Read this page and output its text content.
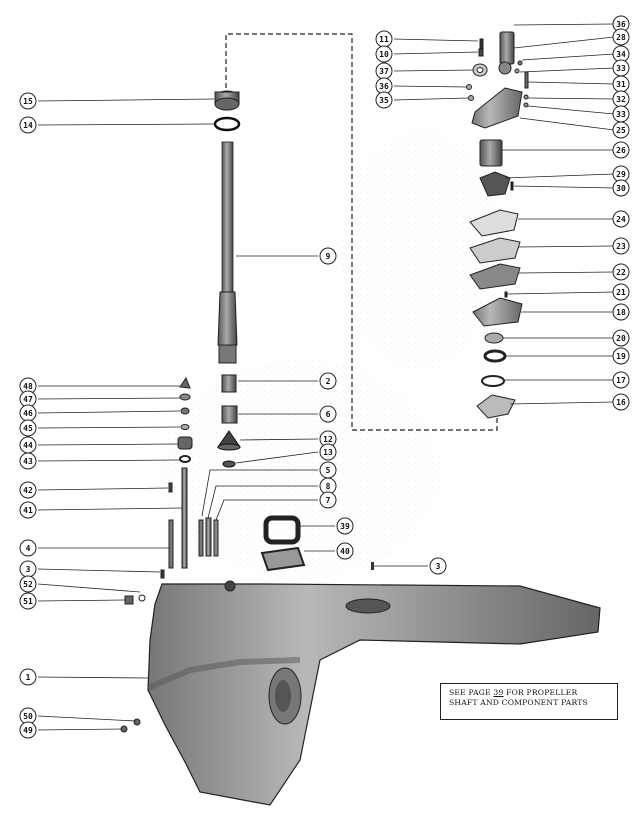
15
14
9
48
47
46
45
44
43
42
41
4
3
52
51
1
50
49
2
6
12
13
5
8
7
39
40
3
36
28
34
33
31
32
33
25
26
29
30
24
23
22
21
18
20
19
17
16
11
10
37
36
35
SEE PAGE 39 FOR PROPELLER
SHAFT AND COMPONENT PARTS
